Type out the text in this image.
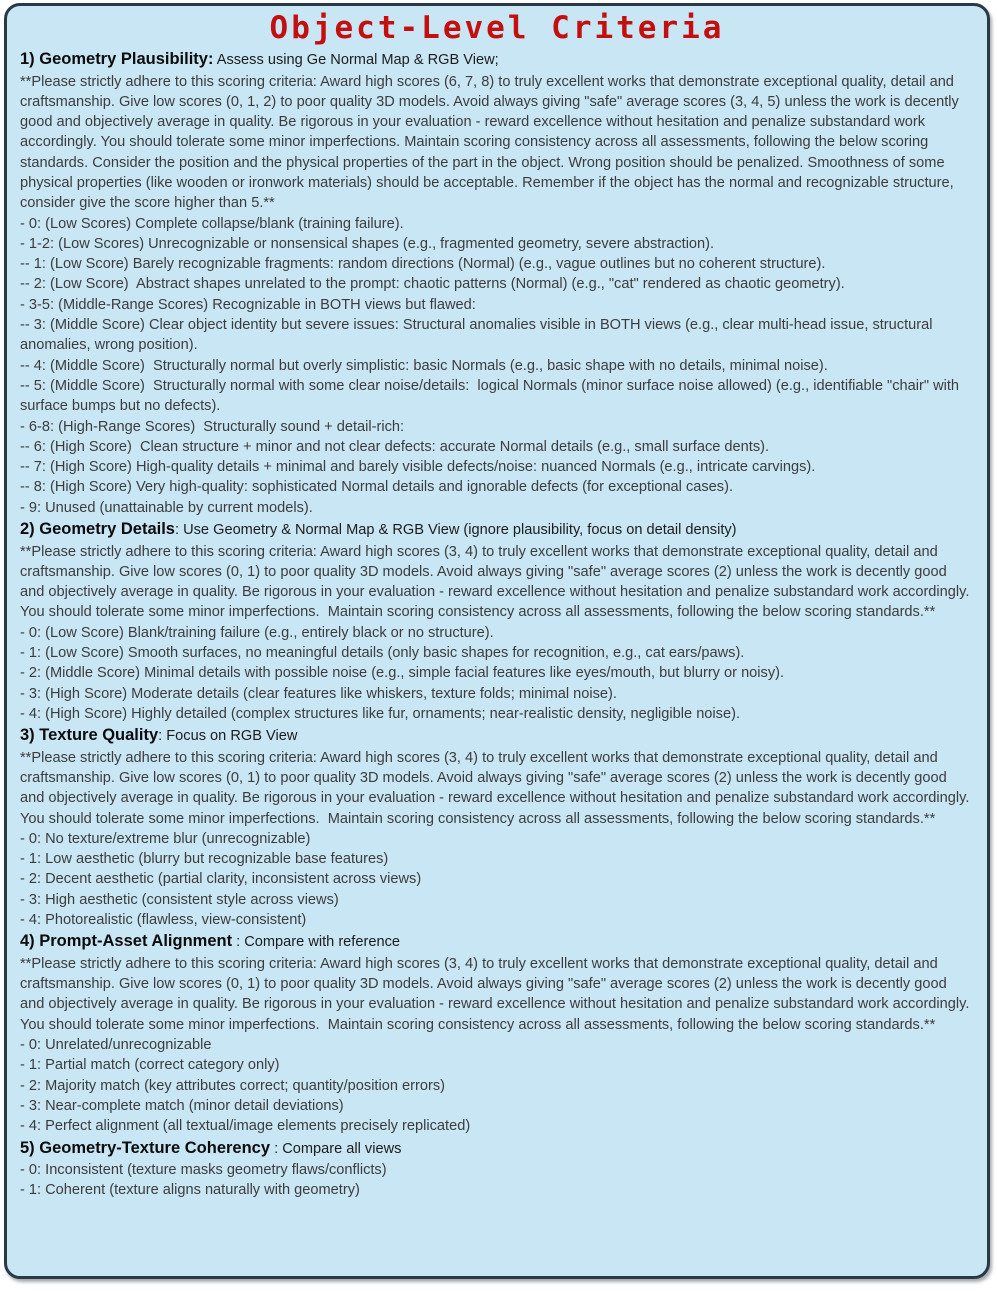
Object-Level Criteria
1) Geometry Plausibility: Assess using Ge Normal Map & RGB View;

**Please strictly adhere to this scoring criteria: Award high scores (6, 7, 8) to truly excellent works that demonstrate exceptional quality, detail and craftsmanship. Give low scores (0, 1, 2) to poor quality 3D models. Avoid always giving "safe" average scores (3, 4, 5) unless the work is decently good and objectively average in quality. Be rigorous in your evaluation - reward excellence without hesitation and penalize substandard work accordingly. You should tolerate some minor imperfections. Maintain scoring consistency across all assessments, following the below scoring standards. Consider the position and the physical properties of the part in the object. Wrong position should be penalized. Smoothness of some physical properties (like wooden or ironwork materials) should be acceptable. Remember if the object has the normal and recognizable structure, consider give the score higher than 5.**

- 0: (Low Scores) Complete collapse/blank (training failure).
- 1-2: (Low Scores) Unrecognizable or nonsensical shapes (e.g., fragmented geometry, severe abstraction).
-- 1: (Low Score) Barely recognizable fragments: random directions (Normal) (e.g., vague outlines but no coherent structure).
-- 2: (Low Score)  Abstract shapes unrelated to the prompt: chaotic patterns (Normal) (e.g., "cat" rendered as chaotic geometry).
- 3-5: (Middle-Range Scores) Recognizable in BOTH views but flawed:
-- 3: (Middle Score) Clear object identity but severe issues: Structural anomalies visible in BOTH views (e.g., clear multi-head issue, structural anomalies, wrong position).
-- 4: (Middle Score)  Structurally normal but overly simplistic: basic Normals (e.g., basic shape with no details, minimal noise).
-- 5: (Middle Score)  Structurally normal with some clear noise/details:  logical Normals (minor surface noise allowed) (e.g., identifiable "chair" with surface bumps but no defects).
- 6-8: (High-Range Scores)  Structurally sound + detail-rich:
-- 6: (High Score)  Clean structure + minor and not clear defects: accurate Normal details (e.g., small surface dents).
-- 7: (High Score) High-quality details + minimal and barely visible defects/noise: nuanced Normals (e.g., intricate carvings).
-- 8: (High Score) Very high-quality: sophisticated Normal details and ignorable defects (for exceptional cases).
- 9: Unused (unattainable by current models).
2) Geometry Details: Use Geometry & Normal Map & RGB View (ignore plausibility, focus on detail density)

**Please strictly adhere to this scoring criteria: Award high scores (3, 4) to truly excellent works that demonstrate exceptional quality, detail and craftsmanship. Give low scores (0, 1) to poor quality 3D models. Avoid always giving "safe" average scores (2) unless the work is decently good and objectively average in quality. Be rigorous in your evaluation - reward excellence without hesitation and penalize substandard work accordingly. You should tolerate some minor imperfections.  Maintain scoring consistency across all assessments, following the below scoring standards.**

- 0: (Low Score) Blank/training failure (e.g., entirely black or no structure).
- 1: (Low Score) Smooth surfaces, no meaningful details (only basic shapes for recognition, e.g., cat ears/paws).
- 2: (Middle Score) Minimal details with possible noise (e.g., simple facial features like eyes/mouth, but blurry or noisy).
- 3: (High Score) Moderate details (clear features like whiskers, texture folds; minimal noise).
- 4: (High Score) Highly detailed (complex structures like fur, ornaments; near-realistic density, negligible noise).
3) Texture Quality: Focus on RGB View

**Please strictly adhere to this scoring criteria: Award high scores (3, 4) to truly excellent works that demonstrate exceptional quality, detail and craftsmanship. Give low scores (0, 1) to poor quality 3D models. Avoid always giving "safe" average scores (2) unless the work is decently good and objectively average in quality. Be rigorous in your evaluation - reward excellence without hesitation and penalize substandard work accordingly. You should tolerate some minor imperfections.  Maintain scoring consistency across all assessments, following the below scoring standards.**

- 0: No texture/extreme blur (unrecognizable)
- 1: Low aesthetic (blurry but recognizable base features)
- 2: Decent aesthetic (partial clarity, inconsistent across views)
- 3: High aesthetic (consistent style across views)
- 4: Photorealistic (flawless, view-consistent)
4) Prompt-Asset Alignment : Compare with reference

**Please strictly adhere to this scoring criteria: Award high scores (3, 4) to truly excellent works that demonstrate exceptional quality, detail and craftsmanship. Give low scores (0, 1) to poor quality 3D models. Avoid always giving "safe" average scores (2) unless the work is decently good and objectively average in quality. Be rigorous in your evaluation - reward excellence without hesitation and penalize substandard work accordingly. You should tolerate some minor imperfections.  Maintain scoring consistency across all assessments, following the below scoring standards.**

- 0: Unrelated/unrecognizable
- 1: Partial match (correct category only)
- 2: Majority match (key attributes correct; quantity/position errors)
- 3: Near-complete match (minor detail deviations)
- 4: Perfect alignment (all textual/image elements precisely replicated)
5) Geometry-Texture Coherency : Compare all views
- 0: Inconsistent (texture masks geometry flaws/conflicts)
- 1: Coherent (texture aligns naturally with geometry)
